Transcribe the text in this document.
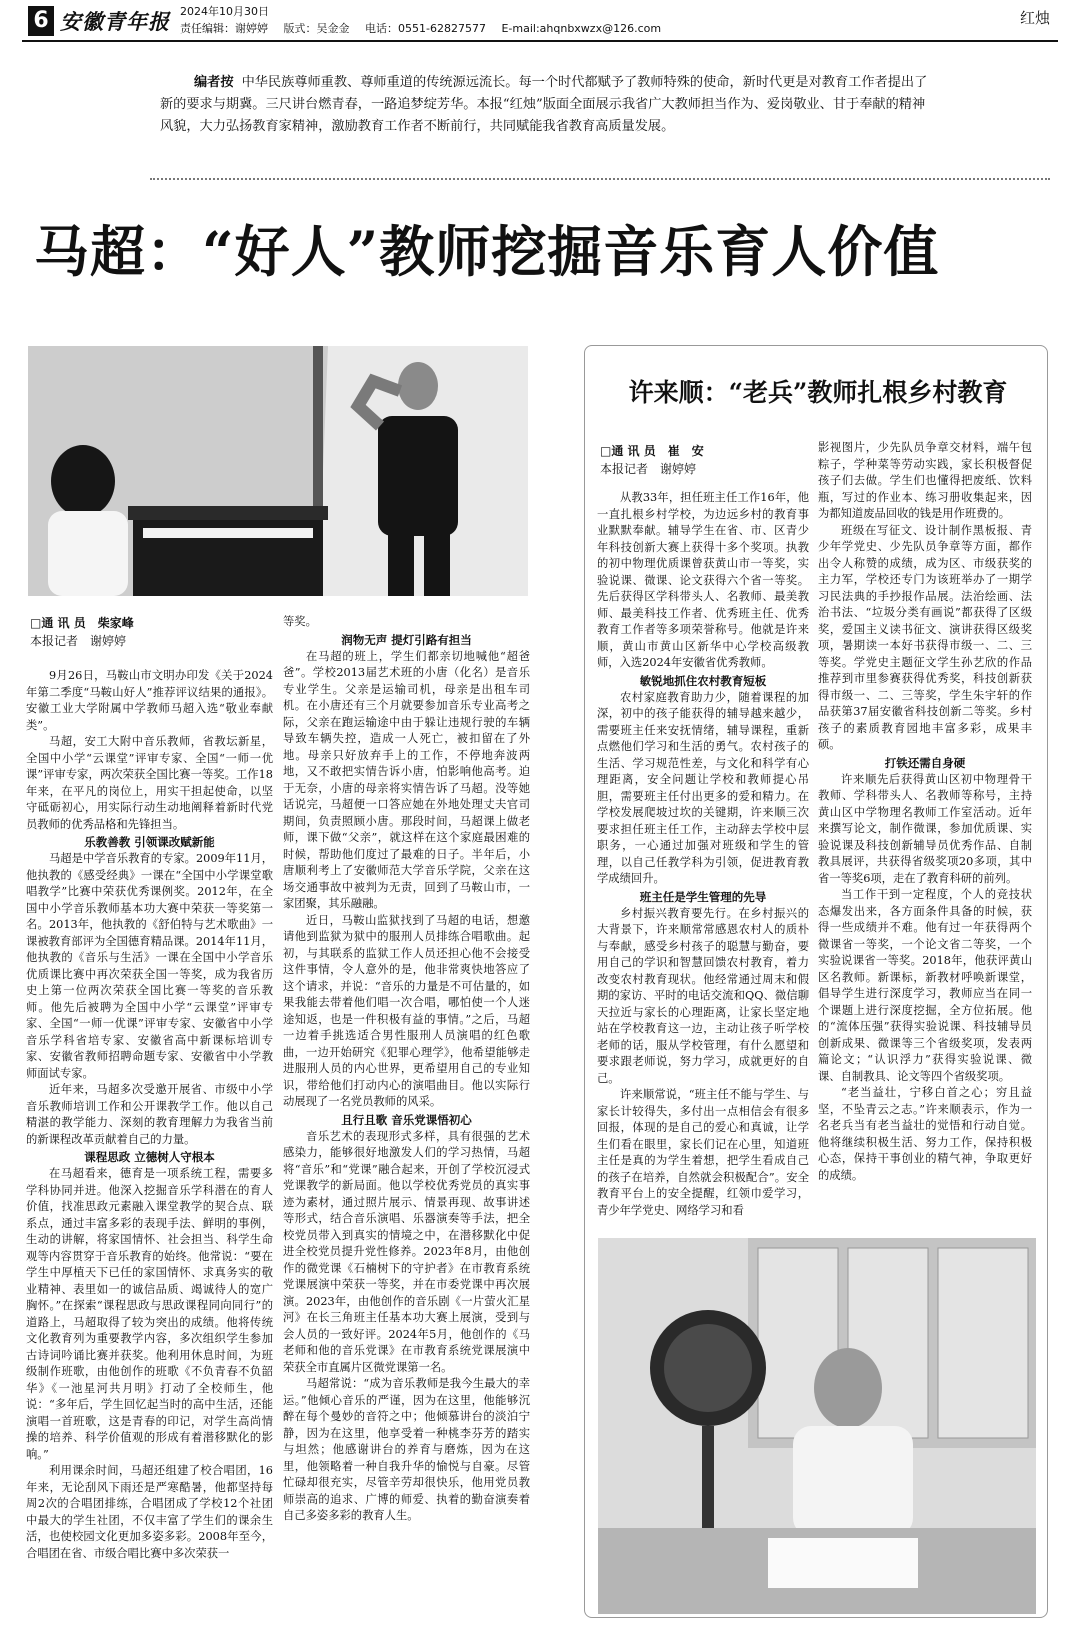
6 安徽青年报 2024年10月30日
责任编辑：谢婷婷 版式：吴金金 电话：0551-62827577 E-mail:ahqnbxwzx@126.com
红烛
编者按 中华民族尊师重教、尊师重道的传统源远流长。每一个时代都赋予了教师特殊的使命，新时代更是对教育工作者提出了新的要求与期冀。三尺讲台燃青春，一路追梦绽芳华。本报“红烛”版面全面展示我省广大教师担当作为、爱岗敬业、甘于奉献的精神风貌，大力弘扬教育家精神，激励教育工作者不断前行，共同赋能我省教育高质量发展。
马超：“好人”教师挖掘音乐育人价值
□通 讯 员　柴家峰
本报记者　谢婷婷

9月26日，马鞍山市文明办印发《关于2024年第二季度“马鞍山好人”推荐评议结果的通报》。安徽工业大学附属中学教师马超入选“敬业奉献类”。

马超，安工大附中音乐教师，省教坛新星，全国中小学“云课堂”评审专家、全国“一师一优课”评审专家，两次荣获全国比赛一等奖。工作18年来，在平凡的岗位上，用实干担起使命，以坚守砥砺初心，用实际行动生动地阐释着新时代党员教师的优秀品格和先锋担当。

乐教善教 引领课改赋新能

马超是中学音乐教育的专家。2009年11月，他执教的《感受经典》一课在“全国中小学课堂歌唱教学”比赛中荣获优秀课例奖。2012年，在全国中小学音乐教师基本功大赛中荣获一等奖第一名。2013年，他执教的《舒伯特与艺术歌曲》一课被教育部评为全国德育精品课。2014年11月，他执教的《音乐与生活》一课在全国中小学音乐优质课比赛中再次荣获全国一等奖，成为我省历史上第一位两次荣获全国比赛一等奖的音乐教师。他先后被聘为全国中小学“云课堂”评审专家、全国“一师一优课”评审专家、安徽省中小学音乐学科省培专家、安徽省高中新课标培训专家、安徽省教师招聘命题专家、安徽省中小学教师面试专家。

近年来，马超多次受邀开展省、市级中小学音乐教师培训工作和公开课教学工作。他以自己精湛的教学能力、深刻的教育理解力为我省当前的新课程改革贡献着自己的力量。

课程思政 立德树人守根本

在马超看来，德育是一项系统工程，需要多学科协同并进。他深入挖掘音乐学科潜在的育人价值，找准思政元素融入课堂教学的契合点、联系点，通过丰富多彩的表现手法、鲜明的事例，生动的讲解，将家国情怀、社会担当、科学生命观等内容贯穿于音乐教育的始终。他常说：“要在学生中厚植天下已任的家国情怀、求真务实的敬业精神、表里如一的诚信品质、竭诚待人的宽广胸怀。”在探索“课程思政与思政课程同向同行”的道路上，马超取得了较为突出的成绩。他将传统文化教育列为重要教学内容，多次组织学生参加古诗词吟诵比赛并获奖。他利用休息时间，为班级制作班歌，由他创作的班歌《不负青春不负韶华》《一池星河共月明》打动了全校师生，他说：“多年后，学生回忆起当时的高中生活，还能演唱一首班歌，这是青春的印记，对学生高尚情操的培养、科学价值观的形成有着潜移默化的影响。”

利用课余时间，马超还组建了校合唱团，16年来，无论刮风下雨还是严寒酷暑，他都坚持每周2次的合唱团排练，合唱团成了学校12个社团中最大的学生社团，不仅丰富了学生们的课余生活，也使校园文化更加多姿多彩。2008年至今，合唱团在省、市级合唱比赛中多次荣获一

等奖。

润物无声 提灯引路有担当

在马超的班上，学生们都亲切地喊他“超爸爸”。学校2013届艺术班的小唐（化名）是音乐专业学生。父亲是运输司机，母亲是出租车司机。在小唐还有三个月就要参加音乐专业高考之际，父亲在跑运输途中由于躲让违规行驶的车辆导致车辆失控，造成一人死亡，被扣留在了外地。母亲只好放弃手上的工作，不停地奔波两地，又不敢把实情告诉小唐，怕影响他高考。迫于无奈，小唐的母亲将实情告诉了马超。没等她话说完，马超便一口答应她在外地处理丈夫官司期间，负责照顾小唐。那段时间，马超课上做老师，课下做“父亲”，就这样在这个家庭最困难的时候，帮助他们度过了最难的日子。半年后，小唐顺利考上了安徽师范大学音乐学院，父亲在这场交通事故中被判为无责，回到了马鞍山市，一家团聚，其乐融融。

近日，马鞍山监狱找到了马超的电话，想邀请他到监狱为狱中的服刑人员排练合唱歌曲。起初，与其联系的监狱工作人员还担心他不会接受这件事情，令人意外的是，他非常爽快地答应了这个请求，并说：“音乐的力量是不可估量的，如果我能去带着他们唱一次合唱，哪怕使一个人迷途知返，也是一件积极有益的事情。”之后，马超一边着手挑选适合男性服刑人员演唱的红色歌曲，一边开始研究《犯罪心理学》，他希望能够走进服刑人员的内心世界，更希望用自己的专业知识，带给他们打动内心的演唱曲目。他以实际行动展现了一名党员教师的风采。

且行且歌 音乐党课悟初心

音乐艺术的表现形式多样，具有很强的艺术感染力，能够很好地激发人们的学习热情，马超将“音乐”和“党课”融合起来，开创了学校沉浸式党课教学的新局面。他以学校优秀党员的真实事迹为素材，通过照片展示、情景再现、故事讲述等形式，结合音乐演唱、乐器演奏等手法，把全校党员带入到真实的情境之中，在潜移默化中促进全校党员提升党性修养。2023年8月，由他创作的微党课《石楠树下的守护者》在市教育系统党课展演中荣获一等奖，并在市委党课中再次展演。2023年，由他创作的音乐剧《一片萤火汇星河》在长三角班主任基本功大赛上展演，受到与会人员的一致好评。2024年5月，他创作的《马老师和他的音乐党课》在市教育系统党课展演中荣获全市直属片区微党课第一名。

马超常说：“成为音乐教师是我今生最大的幸运。”他倾心音乐的严谨，因为在这里，他能够沉醉在每个曼妙的音符之中；他倾慕讲台的淡泊宁静，因为在这里，他享受着一种桃李芬芳的踏实与坦然；他感谢讲台的养育与磨炼，因为在这里，他领略着一种自我升华的愉悦与自豪。尽管忙碌却很充实，尽管辛劳却很快乐，他用党员教师崇高的追求、广博的师爱、执着的勤奋演奏着自己多姿多彩的教育人生。

许来顺：“老兵”教师扎根乡村教育
□通 讯 员　崔　安
本报记者　谢婷婷

从教33年，担任班主任工作16年，他一直扎根乡村学校，为边远乡村的教育事业默默奉献。辅导学生在省、市、区青少年科技创新大赛上获得十多个奖项。执教的初中物理优质课曾获黄山市一等奖，实验说课、微课、论文获得六个省一等奖。先后获得区学科带头人、名教师、最美教师、最美科技工作者、优秀班主任、优秀教育工作者等多项荣誉称号。他就是许来顺，黄山市黄山区新华中心学校高级教师，入选2024年安徽省优秀教师。

敏锐地抓住农村教育短板

农村家庭教育助力少，随着课程的加深，初中的孩子能获得的辅导越来越少，需要班主任来安抚情绪，辅导课程，重新点燃他们学习和生活的勇气。农村孩子的生活、学习规范性差，与文化和科学有心理距离，安全问题让学校和教师提心吊胆，需要班主任付出更多的爱和精力。在学校发展爬坡过坎的关键期，许来顺三次要求担任班主任工作，主动辞去学校中层职务，一心通过加强对班级和学生的管理，以自己任教学科为引领，促进教育教学成绩回升。

班主任是学生管理的先导

乡村振兴教育要先行。在乡村振兴的大背景下，许来顺常常感恩农村人的质朴与奉献，感受乡村孩子的聪慧与勤奋，要用自己的学识和智慧回馈农村教育，着力改变农村教育现状。他经常通过周末和假期的家访、平时的电话交流和QQ、微信聊天拉近与家长的心理距离，让家长坚定地站在学校教育这一边，主动让孩子听学校老师的话，服从学校管理，有什么愿望和要求跟老师说，努力学习，成就更好的自己。

许来顺常说，“班主任不能与学生、与家长计较得失，多付出一点相信会有很多回报，体现的是自己的爱心和真诚，让学生们看在眼里，家长们记在心里，知道班主任是真的为学生着想，把学生看成自己的孩子在培养，自然就会积极配合”。安全教育平台上的安全提醒，红领巾爱学习，青少年学党史、网络学习和看

影视图片，少先队员争章交材料，端午包粽子，学种菜等劳动实践，家长积极督促孩子们去做。学生们也懂得把废纸、饮料瓶，写过的作业本、练习册收集起来，因为都知道废品回收的钱是用作班费的。

班级在写征文、设计制作黑板报、青少年学党史、少先队员争章等方面，都作出令人称赞的成绩，成为区、市级获奖的主力军，学校还专门为该班举办了一期学习民法典的手抄报作品展。法治绘画、法治书法、“垃圾分类有画说”都获得了区级奖，爱国主义读书征文、演讲获得区级奖项，暑期读一本好书获得市级一、二、三等奖。学党史主题征文学生孙艺欣的作品推荐到市里参赛获得优秀奖，科技创新获得市级一、二、三等奖，学生朱宇轩的作品获第37届安徽省科技创新二等奖。乡村孩子的素质教育园地丰富多彩，成果丰硕。

打铁还需自身硬

许来顺先后获得黄山区初中物理骨干教师、学科带头人、名教师等称号，主持黄山区中学物理名教师工作室活动。近年来撰写论文，制作微课，参加优质课、实验说课及科技创新辅导员优秀作品、自制教具展评，共获得省级奖项20多项，其中省一等奖6项，走在了教育科研的前列。

当工作干到一定程度，个人的竞技状态爆发出来，各方面条件具备的时候，获得一些成绩并不难。他有过一年获得两个微课省一等奖，一个论文省二等奖，一个实验说课省一等奖。2018年，他获评黄山区名教师。新课标，新教材呼唤新课堂，倡导学生进行深度学习，教师应当在同一个课题上进行深度挖掘，全方位拓展。他的“流体压强”获得实验说课、科技辅导员创新成果、微课等三个省级奖项，发表两篇论文；“认识浮力”获得实验说课、微课、自制教具、论文等四个省级奖项。

“老当益壮，宁移白首之心；穷且益坚，不坠青云之志。”许来顺表示，作为一名老兵当有老当益壮的觉悟和行动自觉。他将继续积极生活、努力工作，保持积极心态，保持干事创业的精气神，争取更好的成绩。
